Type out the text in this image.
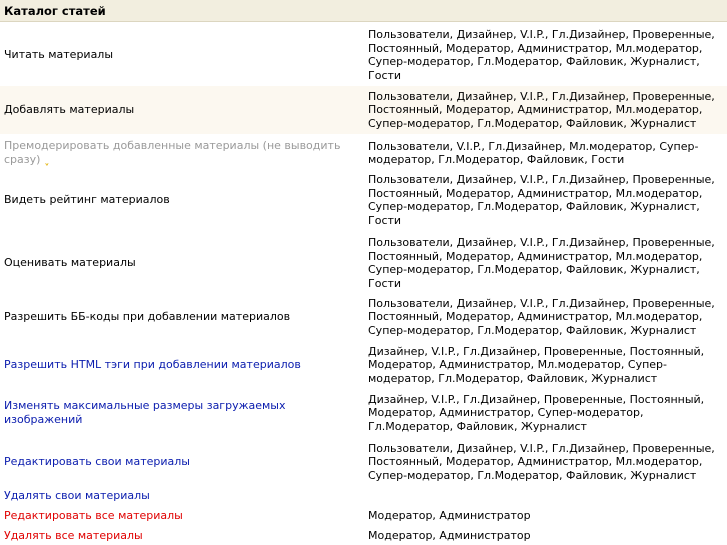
Каталог статей
Читать материалы
Пользователи, Дизайнер, V.I.P., Гл.Дизайнер, Проверенные, Постоянный, Модератор, Администратор, Мл.модератор, Супер-модератор, Гл.Модератор, Файловик, Журналист, Гости
Добавлять материалы
Пользователи, Дизайнер, V.I.P., Гл.Дизайнер, Проверенные, Постоянный, Модератор, Администратор, Мл.модератор, Супер-модератор, Гл.Модератор, Файловик, Журналист
Премодерировать добавленные материалы (не выводить сразу) ˬ
Пользователи, V.I.P., Гл.Дизайнер, Мл.модератор, Супер-модератор, Гл.Модератор, Файловик, Гости
Видеть рейтинг материалов
Пользователи, Дизайнер, V.I.P., Гл.Дизайнер, Проверенные, Постоянный, Модератор, Администратор, Мл.модератор, Супер-модератор, Гл.Модератор, Файловик, Журналист, Гости
Оценивать материалы
Пользователи, Дизайнер, V.I.P., Гл.Дизайнер, Проверенные, Постоянный, Модератор, Администратор, Мл.модератор, Супер-модератор, Гл.Модератор, Файловик, Журналист, Гости
Разрешить ББ-коды при добавлении материалов
Пользователи, Дизайнер, V.I.P., Гл.Дизайнер, Проверенные, Постоянный, Модератор, Администратор, Мл.модератор, Супер-модератор, Гл.Модератор, Файловик, Журналист
Разрешить HTML тэги при добавлении материалов
Дизайнер, V.I.P., Гл.Дизайнер, Проверенные, Постоянный, Модератор, Администратор, Мл.модератор, Супер-модератор, Гл.Модератор, Файловик, Журналист
Изменять максимальные размеры загружаемых изображений
Дизайнер, V.I.P., Гл.Дизайнер, Проверенные, Постоянный, Модератор, Администратор, Супер-модератор, Гл.Модератор, Файловик, Журналист
Редактировать свои материалы
Пользователи, Дизайнер, V.I.P., Гл.Дизайнер, Проверенные, Постоянный, Модератор, Администратор, Мл.модератор, Супер-модератор, Гл.Модератор, Файловик, Журналист
Удалять свои материалы
Редактировать все материалы	Модератор, Администратор
Удалять все материалы	Модератор, Администратор
